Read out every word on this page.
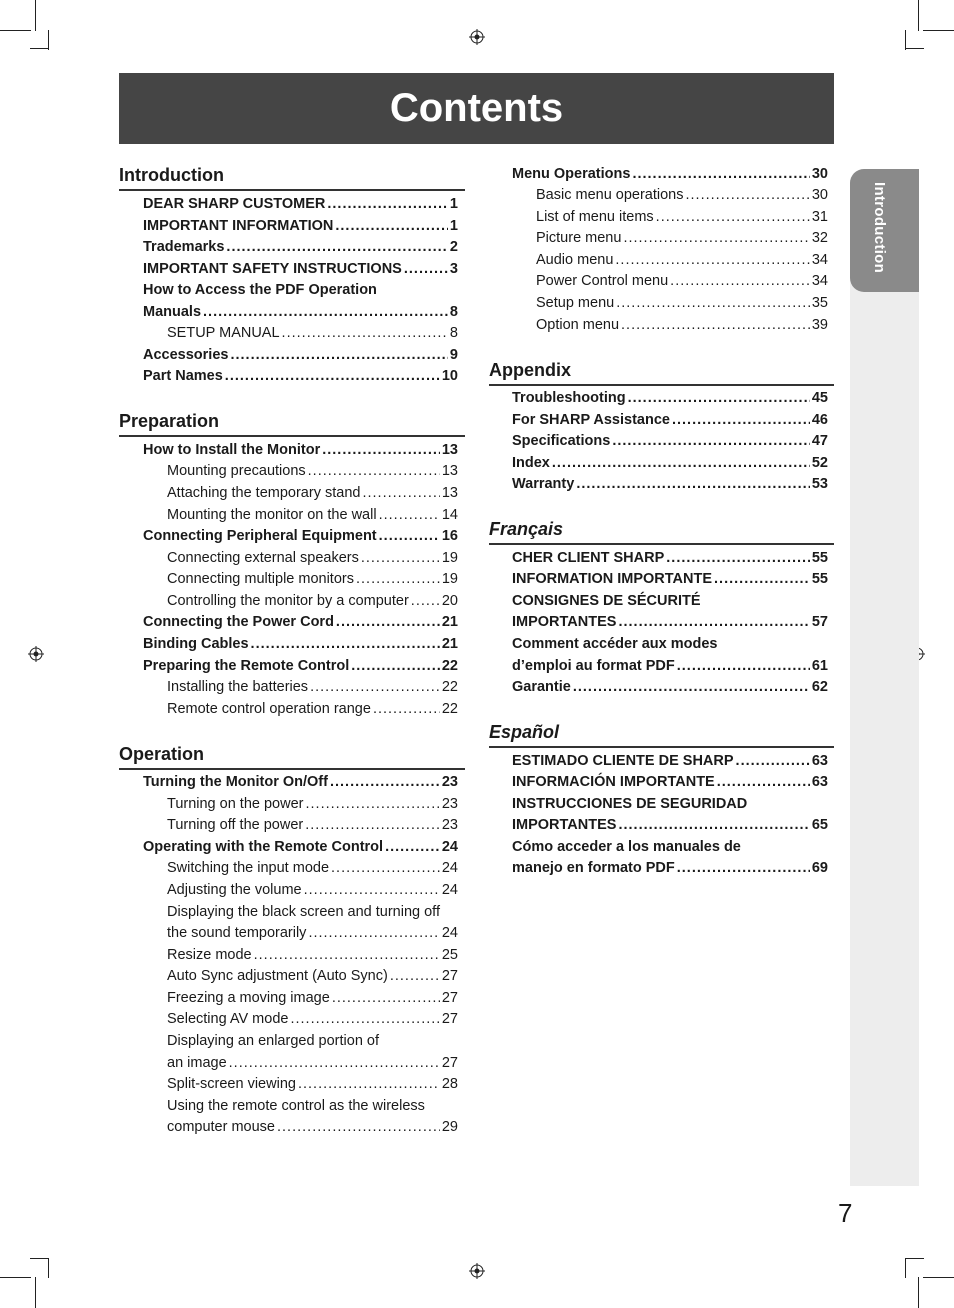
Contents
Introduction
Introduction
DEAR SHARP CUSTOMER .....	1
IMPORTANT INFORMATION .....	1
Trademarks .....	2
IMPORTANT SAFETY INSTRUCTIONS .....	3
How to Access the PDF Operation
Manuals .....	8
SETUP MANUAL .....	8
Accessories .....	9
Part Names .....	10
Preparation
How to Install the Monitor .....	13
Mounting precautions .....	13
Attaching the temporary stand .....	13
Mounting the monitor on the wall .....	14
Connecting Peripheral Equipment .....	16
Connecting external speakers .....	19
Connecting multiple monitors .....	19
Controlling the monitor by a computer ..... 20
Connecting the Power Cord .....	21
Binding Cables .....	21
Preparing the Remote Control .....	22
Installing the batteries .....	22
Remote control operation range .....	22
Operation
Turning the Monitor On/Off .....	23
Turning on the power .....	23
Turning off the power .....	23
Operating with the Remote Control .....	24
Switching the input mode .....	24
Adjusting the volume .....	24
Displaying the black screen and turning off
the sound temporarily .....	24
Resize mode .....	25
Auto Sync adjustment (Auto Sync) .....	27
Freezing a moving image .....	27
Selecting AV mode .....	27
Displaying an enlarged portion of
an image .....	27
Split-screen viewing .....	28
Using the remote control as the wireless
computer mouse .....	29
Menu Operations .....	30
Basic menu operations .....	30
List of menu items .....	31
Picture menu .....	32
Audio menu .....	34
Power Control menu .....	34
Setup menu .....	35
Option menu .....	39
Appendix
Troubleshooting .....	45
For SHARP Assistance .....	46
Specifications .....	47
Index .....	52
Warranty .....	53
Français
CHER CLIENT SHARP .....	55
INFORMATION IMPORTANTE .....	55
CONSIGNES DE SÉCURITÉ
IMPORTANTES .....	57
Comment accéder aux modes
d’emploi au format PDF .....	61
Garantie .....	62
Español
ESTIMADO CLIENTE DE SHARP .....	63
INFORMACIÓN IMPORTANTE .....	63
INSTRUCCIONES DE SEGURIDAD
IMPORTANTES .....	65
Cómo acceder a los manuales de
manejo en formato PDF .....	69
7
